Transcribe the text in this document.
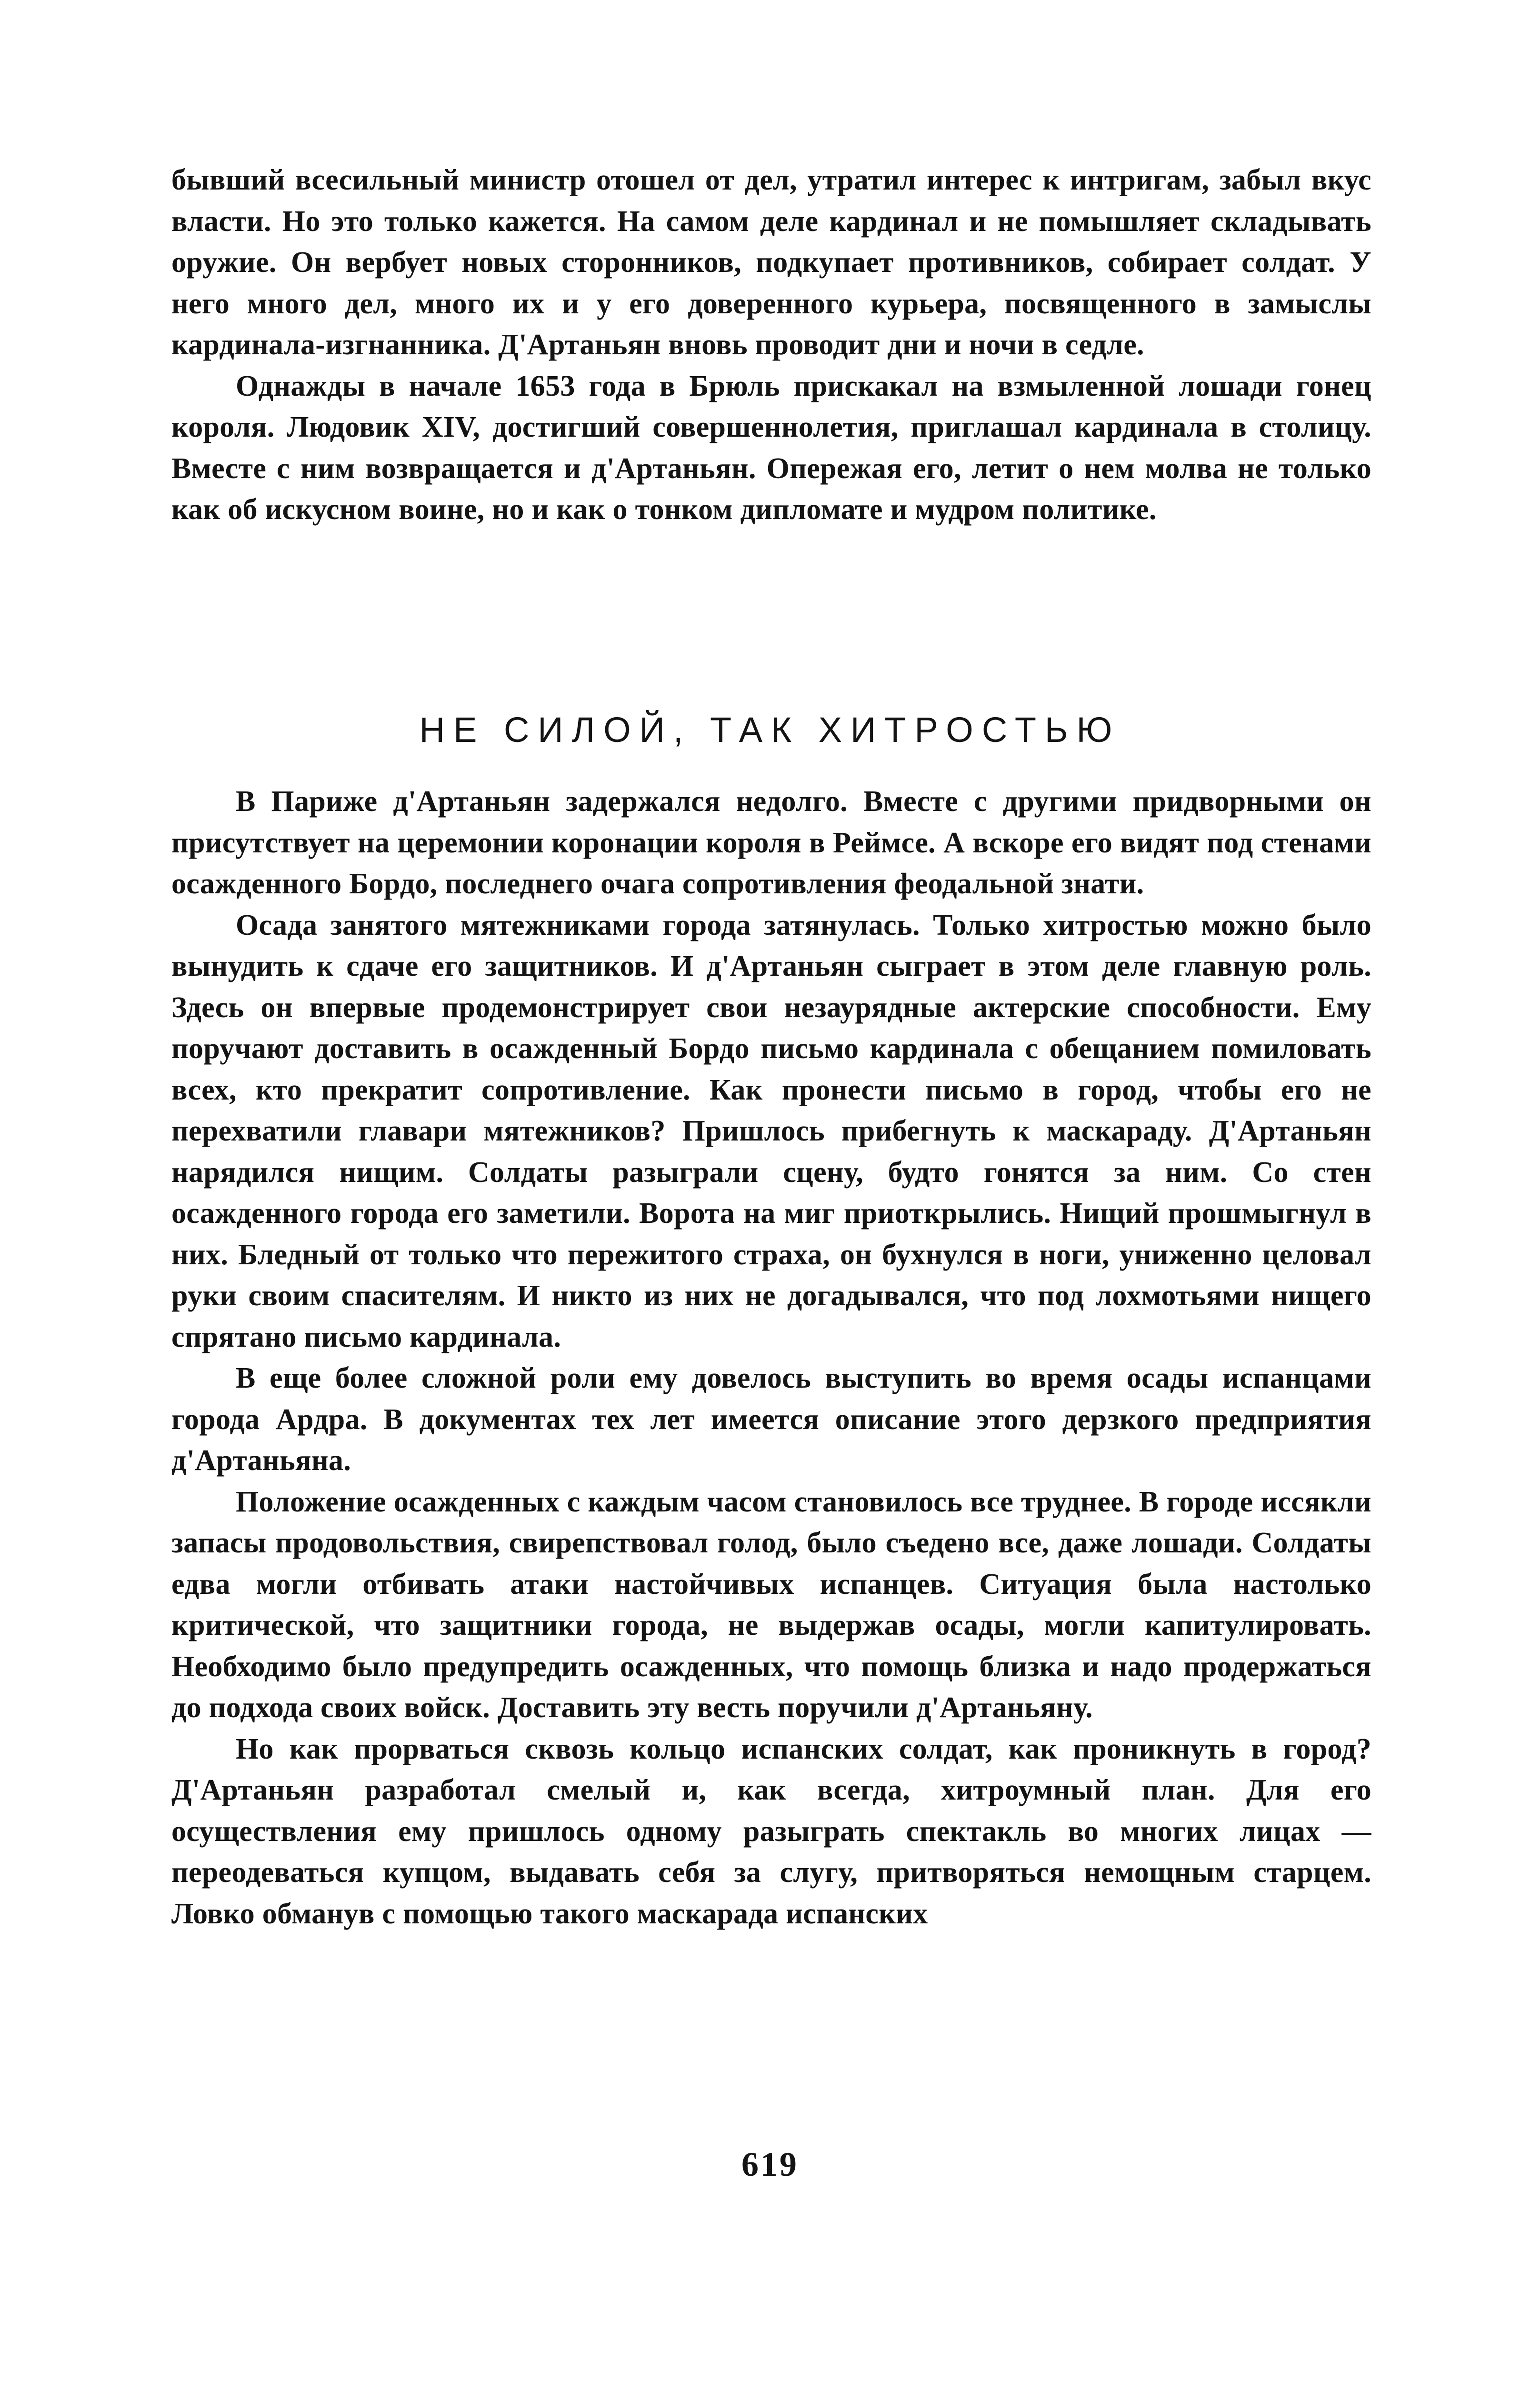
бывший всесильный министр отошел от дел, утратил интерес к интригам, забыл вкус власти. Но это только кажется. На самом деле кардинал и не помышляет складывать оружие. Он вербует новых сторонников, подкупает противников, собирает солдат. У него много дел, много их и у его доверенного курьера, посвященного в замыслы кардинала-изгнанника. Д'Артаньян вновь проводит дни и ночи в седле.

Однажды в начале 1653 года в Брюль прискакал на взмыленной лошади гонец короля. Людовик XIV, достигший совершеннолетия, приглашал кардинала в столицу. Вместе с ним возвращается и д'Артаньян. Опережая его, летит о нем молва не только как об искусном воине, но и как о тонком дипломате и мудром политике.

НЕ СИЛОЙ, ТАК ХИТРОСТЬЮ

В Париже д'Артаньян задержался недолго. Вместе с другими придворными он присутствует на церемонии коронации короля в Реймсе. А вскоре его видят под стенами осажденного Бордо, последнего очага сопротивления феодальной знати.

Осада занятого мятежниками города затянулась. Только хитростью можно было вынудить к сдаче его защитников. И д'Артаньян сыграет в этом деле главную роль. Здесь он впервые продемонстрирует свои незаурядные актерские способности. Ему поручают доставить в осажденный Бордо письмо кардинала с обещанием помиловать всех, кто прекратит сопротивление. Как пронести письмо в город, чтобы его не перехватили главари мятежников? Пришлось прибегнуть к маскараду. Д'Артаньян нарядился нищим. Солдаты разыграли сцену, будто гонятся за ним. Со стен осажденного города его заметили. Ворота на миг приоткрылись. Нищий прошмыгнул в них. Бледный от только что пережитого страха, он бухнулся в ноги, униженно целовал руки своим спасителям. И никто из них не догадывался, что под лохмотьями нищего спрятано письмо кардинала.

В еще более сложной роли ему довелось выступить во время осады испанцами города Ардра. В документах тех лет имеется описание этого дерзкого предприятия д'Артаньяна.

Положение осажденных с каждым часом становилось все труднее. В городе иссякли запасы продовольствия, свирепствовал голод, было съедено все, даже лошади. Солдаты едва могли отбивать атаки настойчивых испанцев. Ситуация была настолько критической, что защитники города, не выдержав осады, могли капитулировать. Необходимо было предупредить осажденных, что помощь близка и надо продержаться до подхода своих войск. Доставить эту весть поручили д'Артаньяну.

Но как прорваться сквозь кольцо испанских солдат, как проникнуть в город? Д'Артаньян разработал смелый и, как всегда, хитроумный план. Для его осуществления ему пришлось одному разыграть спектакль во многих лицах — переодеваться купцом, выдавать себя за слугу, притворяться немощным старцем. Ловко обманув с помощью такого маскарада испанских

619
